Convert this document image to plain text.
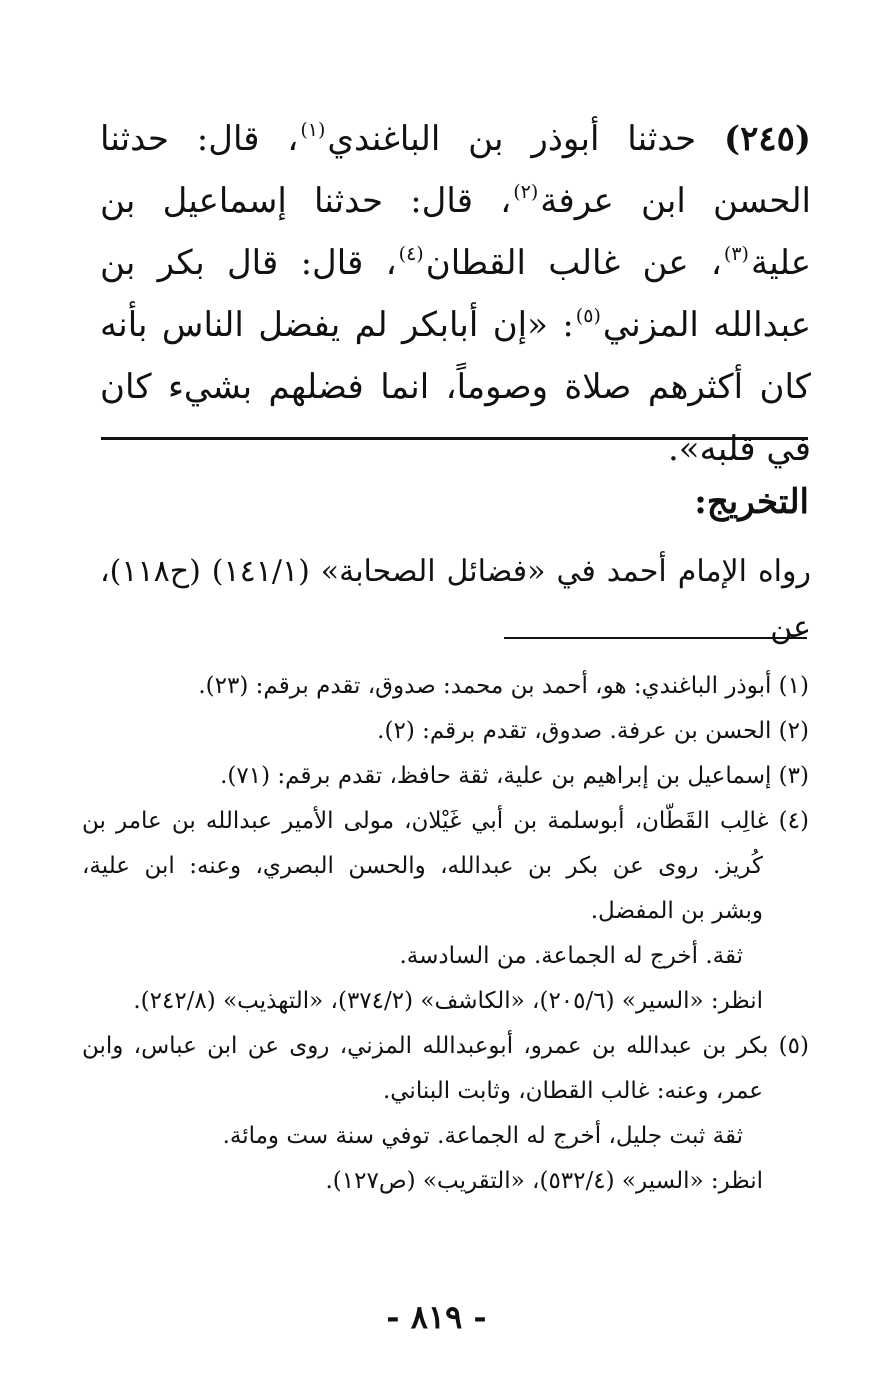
(٢٤٥) حدثنا أبوذر بن الباغندي$^{(١)}$، قال: حدثنا الحسن ابن عرفة$^{(٢)}$، قال: حدثنا إسماعيل بن علية$^{(٣)}$، عن غالب القطان$^{(٤)}$، قال: قال بكر بن عبدالله المزني$^{(٥)}$: «إن أبابكر لم يفضل الناس بأنه كان أكثرهم صلاة وصوماً، انما فضلهم بشيء كان في قلبه».
التخريج:
رواه الإمام أحمد في «فضائل الصحابة» (١٤١/١) (ح١١٨)، عن
(١) أبوذر الباغندي: هو، أحمد بن محمد: صدوق، تقدم برقم: (٢٣).
(٢) الحسن بن عرفة. صدوق، تقدم برقم: (٢).
(٣) إسماعيل بن إبراهيم بن علية، ثقة حافظ، تقدم برقم: (٧١).
(٤) غالِب القَطّان، أبوسلمة بن أبي غَيْلان، مولى الأمير عبدالله بن عامر بن
كُريز. روى عن بكر بن عبدالله، والحسن البصري، وعنه: ابن علية،
وبشر بن المفضل.
ثقة. أخرج له الجماعة. من السادسة.
انظر: «السير» (٢٠٥/٦)، «الكاشف» (٣٧٤/٢)، «التهذيب» (٢٤٢/٨).
(٥) بكر بن عبدالله بن عمرو، أبوعبدالله المزني، روى عن ابن عباس، وابن
عمر، وعنه: غالب القطان، وثابت البناني.
ثقة ثبت جليل، أخرج له الجماعة. توفي سنة ست ومائة.
انظر: «السير» (٥٣٢/٤)، «التقريب» (ص١٢٧).
- ٨١٩ -
